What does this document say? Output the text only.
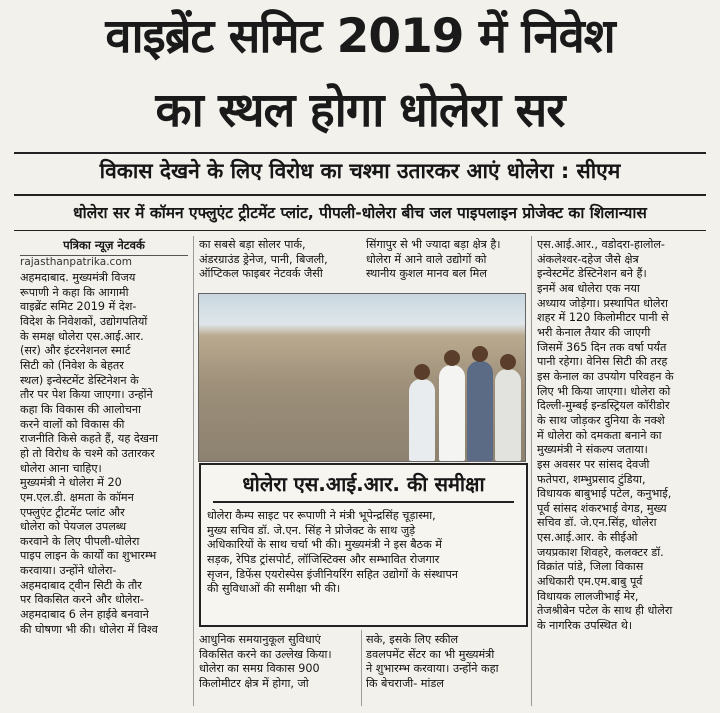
वाइब्रेंट समिट 2019 में निवेश
का स्थल होगा धोलेरा सर
विकास देखने के लिए विरोध का चश्मा उतारकर आएं धोलेरा : सीएम
धोलेरा सर में कॉमन एफ्लुएंट ट्रीटमेंट प्लांट, पीपली-धोलेरा बीच जल पाइपलाइन प्रोजेक्ट का शिलान्यास
पत्रिका न्यूज़ नेटवर्क
rajasthanpatrika.com
अहमदाबाद. मुख्यमंत्री विजय
रूपाणी ने कहा कि आगामी
वाइब्रेंट समिट 2019 में देश-
विदेश के निवेशकों, उद्योगपतियों
के समक्ष धोलेरा एस.आई.आर.
(सर) और इंटरनेशनल स्मार्ट
सिटी को (निवेश के बेहतर
स्थल) इन्वेस्टमेंट डेस्टिनेशन के
तौर पर पेश किया जाएगा। उन्होंने
कहा कि विकास की आलोचना
करने वालों को विकास की
राजनीति किसे कहते हैं, यह देखना
हो तो विरोध के चश्मे को उतारकर
धोलेरा आना चाहिए।
मुख्यमंत्री ने धोलेरा में 20
एम.एल.डी. क्षमता के कॉमन
एफ्लुएंट ट्रीटमेंट प्लांट और
धोलेरा को पेयजल उपलब्ध
करवाने के लिए पीपली-धोलेरा
पाइप लाइन के कार्यों का शुभारम्भ
करवाया। उन्होंने धोलेरा-
अहमदाबाद ट्वीन सिटी के तौर
पर विकसित करने और धोलेरा-
अहमदाबाद 6 लेन हाईवे बनवाने
की घोषणा भी की। धोलेरा में विश्व
का सबसे बड़ा सोलर पार्क,
अंडरग्राउंड ड्रेनेज, पानी, बिजली,
ऑप्टिकल फाइबर नेटवर्क जैसी
सिंगापुर से भी ज्यादा बड़ा क्षेत्र है।
धोलेरा में आने वाले उद्योगों को
स्थानीय कुशल मानव बल मिल
धोलेरा एस.आई.आर. की समीक्षा
धोलेरा कैम्प साइट पर रूपाणी ने मंत्री भूपेन्द्रसिंह चूड़ास्मा,
मुख्य सचिव डॉ. जे.एन. सिंह ने प्रोजेक्ट के साथ जुड़े
अधिकारियों के साथ चर्चा भी की। मुख्यमंत्री ने इस बैठक में
सड़क, रेपिड ट्रांसपोर्ट, लॉजिस्टिक्स और सम्भावित रोजगार
सृजन, डिफेंस एयरोस्पेस इंजीनियरिंग सहित उद्योगों के संस्थापन
की सुविधाओं की समीक्षा भी की।
आधुनिक समयानुकूल सुविधाएं
विकसित करने का उल्लेख किया।
धोलेरा का समग्र विकास 900
किलोमीटर क्षेत्र में होगा, जो
सके, इसके लिए स्कील
डवलपमेंट सेंटर का भी मुख्यमंत्री
ने शुभारम्भ करवाया। उन्होंने कहा
कि बेचराजी- मांडल
एस.आई.आर., वडोदरा-हालोल-
अंकलेश्वर-दहेज जैसे क्षेत्र
इन्वेस्टमेंट डेस्टिनेशन बने हैं।
इनमें अब धोलेरा एक नया
अध्याय जोड़ेगा। प्रस्थापित धोलेरा
शहर में 120 किलोमीटर पानी से
भरी केनाल तैयार की जाएगी
जिसमें 365 दिन तक वर्षा पर्यंत
पानी रहेगा। वेनिस सिटी की तरह
इस केनाल का उपयोग परिवहन के
लिए भी किया जाएगा। धोलेरा को
दिल्ली-मुम्बई इन्डस्ट्रियल कॉरीडोर
के साथ जोड़कर दुनिया के नक्शे
में धोलेरा को दमकता बनाने का
मुख्यमंत्री ने संकल्प जताया।
इस अवसर पर सांसद देवजी
फतेपरा, शम्भुप्रसाद टुंडिया,
विधायक बाबुभाई पटेल, कनुभाई,
पूर्व सांसद शंकरभाई वेगड, मुख्य
सचिव डॉ. जे.एन.सिंह, धोलेरा
एस.आई.आर. के सीईओ
जयप्रकाश शिवहरे, कलक्टर डॉ.
विक्रांत पांडे, जिला विकास
अधिकारी एम.एम.बाबु पूर्व
विधायक लालजीभाई मेर,
तेजश्रीबेन पटेल के साथ ही धोलेरा
के नागरिक उपस्थित थे।
